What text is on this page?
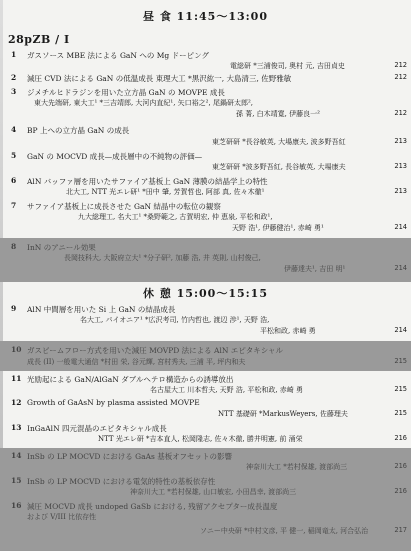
昼 食 11:45～13:00
28pZB / I
1 ガスソース MBE 法による GaN への Mg ドーピング
電総研 *三浦俊司, 奥村 元, 吉田貞史	212
2 減圧 CVD 法による GaN の低温成長 東理大工 *黒沢紘一, 大島清三, 佐野雅敏	212
3 ジメチルヒドラジンを用いた立方晶 GaN の MOVPE 成長
東大先端研, 東大工¹ *三吉靖郎, 大河内直紀¹, 矢口裕之², 尾鍋研太郎²,
孫 菁, 白木靖寛, 伊藤良一²	212
4 BP 上への立方晶 GaN の成長
東芝研研 *長谷敏英, 大場康夫, 波多野吾紅	213
5 GaN の MOCVD 成長—成長層中の不純物の評価—
東芝研研 *波多野吾紅, 長谷敏英, 大場康夫	213
6 AlN バッファ層を用いたサファイア基板上 GaN 薄膜の結晶学上の特性
北大工, NTT 光エレ研¹ *田中 肇, 芳賀哲也, 阿部 真, 佐々木徹¹	213
7 サファイア基板上に成長させた GaN 結晶中の転位の観察
九大総理工, 名大工¹ *桑野範之, 古賀明宏, 仲 恵泉, 平松和政¹,
天野 浩¹, 伊藤健治¹, 赤崎 勇¹	214
8 InN のアニール効果
長岡技科大, 大阪府立大¹ *分子研², 加藤 浩, 井 英則, 山村俊己,
伊藤達夫¹, 吉田 明¹	214
休 憩 15:00～15:15
9 AlN 中間層を用いた Si 上 GaN の結晶成長
名大工, パイオニア¹ *広沢考司, 竹内哲也, 渡辺 渉¹, 天野 浩,
平松和政, 赤崎 勇	214
10 ガスビームフロー方式を用いた減圧 MOVPD 法による AlN エピタキシャル
成長 (II) 一般電大通信 *村田 栄, 谷元輝, 宮村秀夫, 三浦 平, 坪内和夫	215
11 光励起による GaN/AlGaN ダブルヘテロ構造からの誘導放出
名古屋大工 川本哲夫, 天野 浩, 平松和政, 赤崎 勇	215
12 Growth of GaAsN by plasma assisted MOVPE
NTT 基礎研 *MarkusWeyers, 佐藤理夫	215
13 InGaAlN 四元混晶のエピタキシャル成長
NTT 光エレ研 *吉本直人, 松岡隆志, 佐々木徹, 勝井明憲, 前 涌栄	216
14 InSb の LP MOCVD における GaAs 基板オフセットの影響
神奈川大工 *若村保雄, 渡部尚三	216
15 InSb の LP MOCVD における電気的特性の基板依存性
神奈川大工 *若村保雄, 山口敏宏, 小田昌幸, 渡部尚三	216
16 減圧 MOCVD 成長 undoped GaSb における, 残留アクセプター成長温度
および V/III 比依存性
ソニー中央研 *中村文彦, 平 健一, 稲岡竜太, 河合弘治	217
